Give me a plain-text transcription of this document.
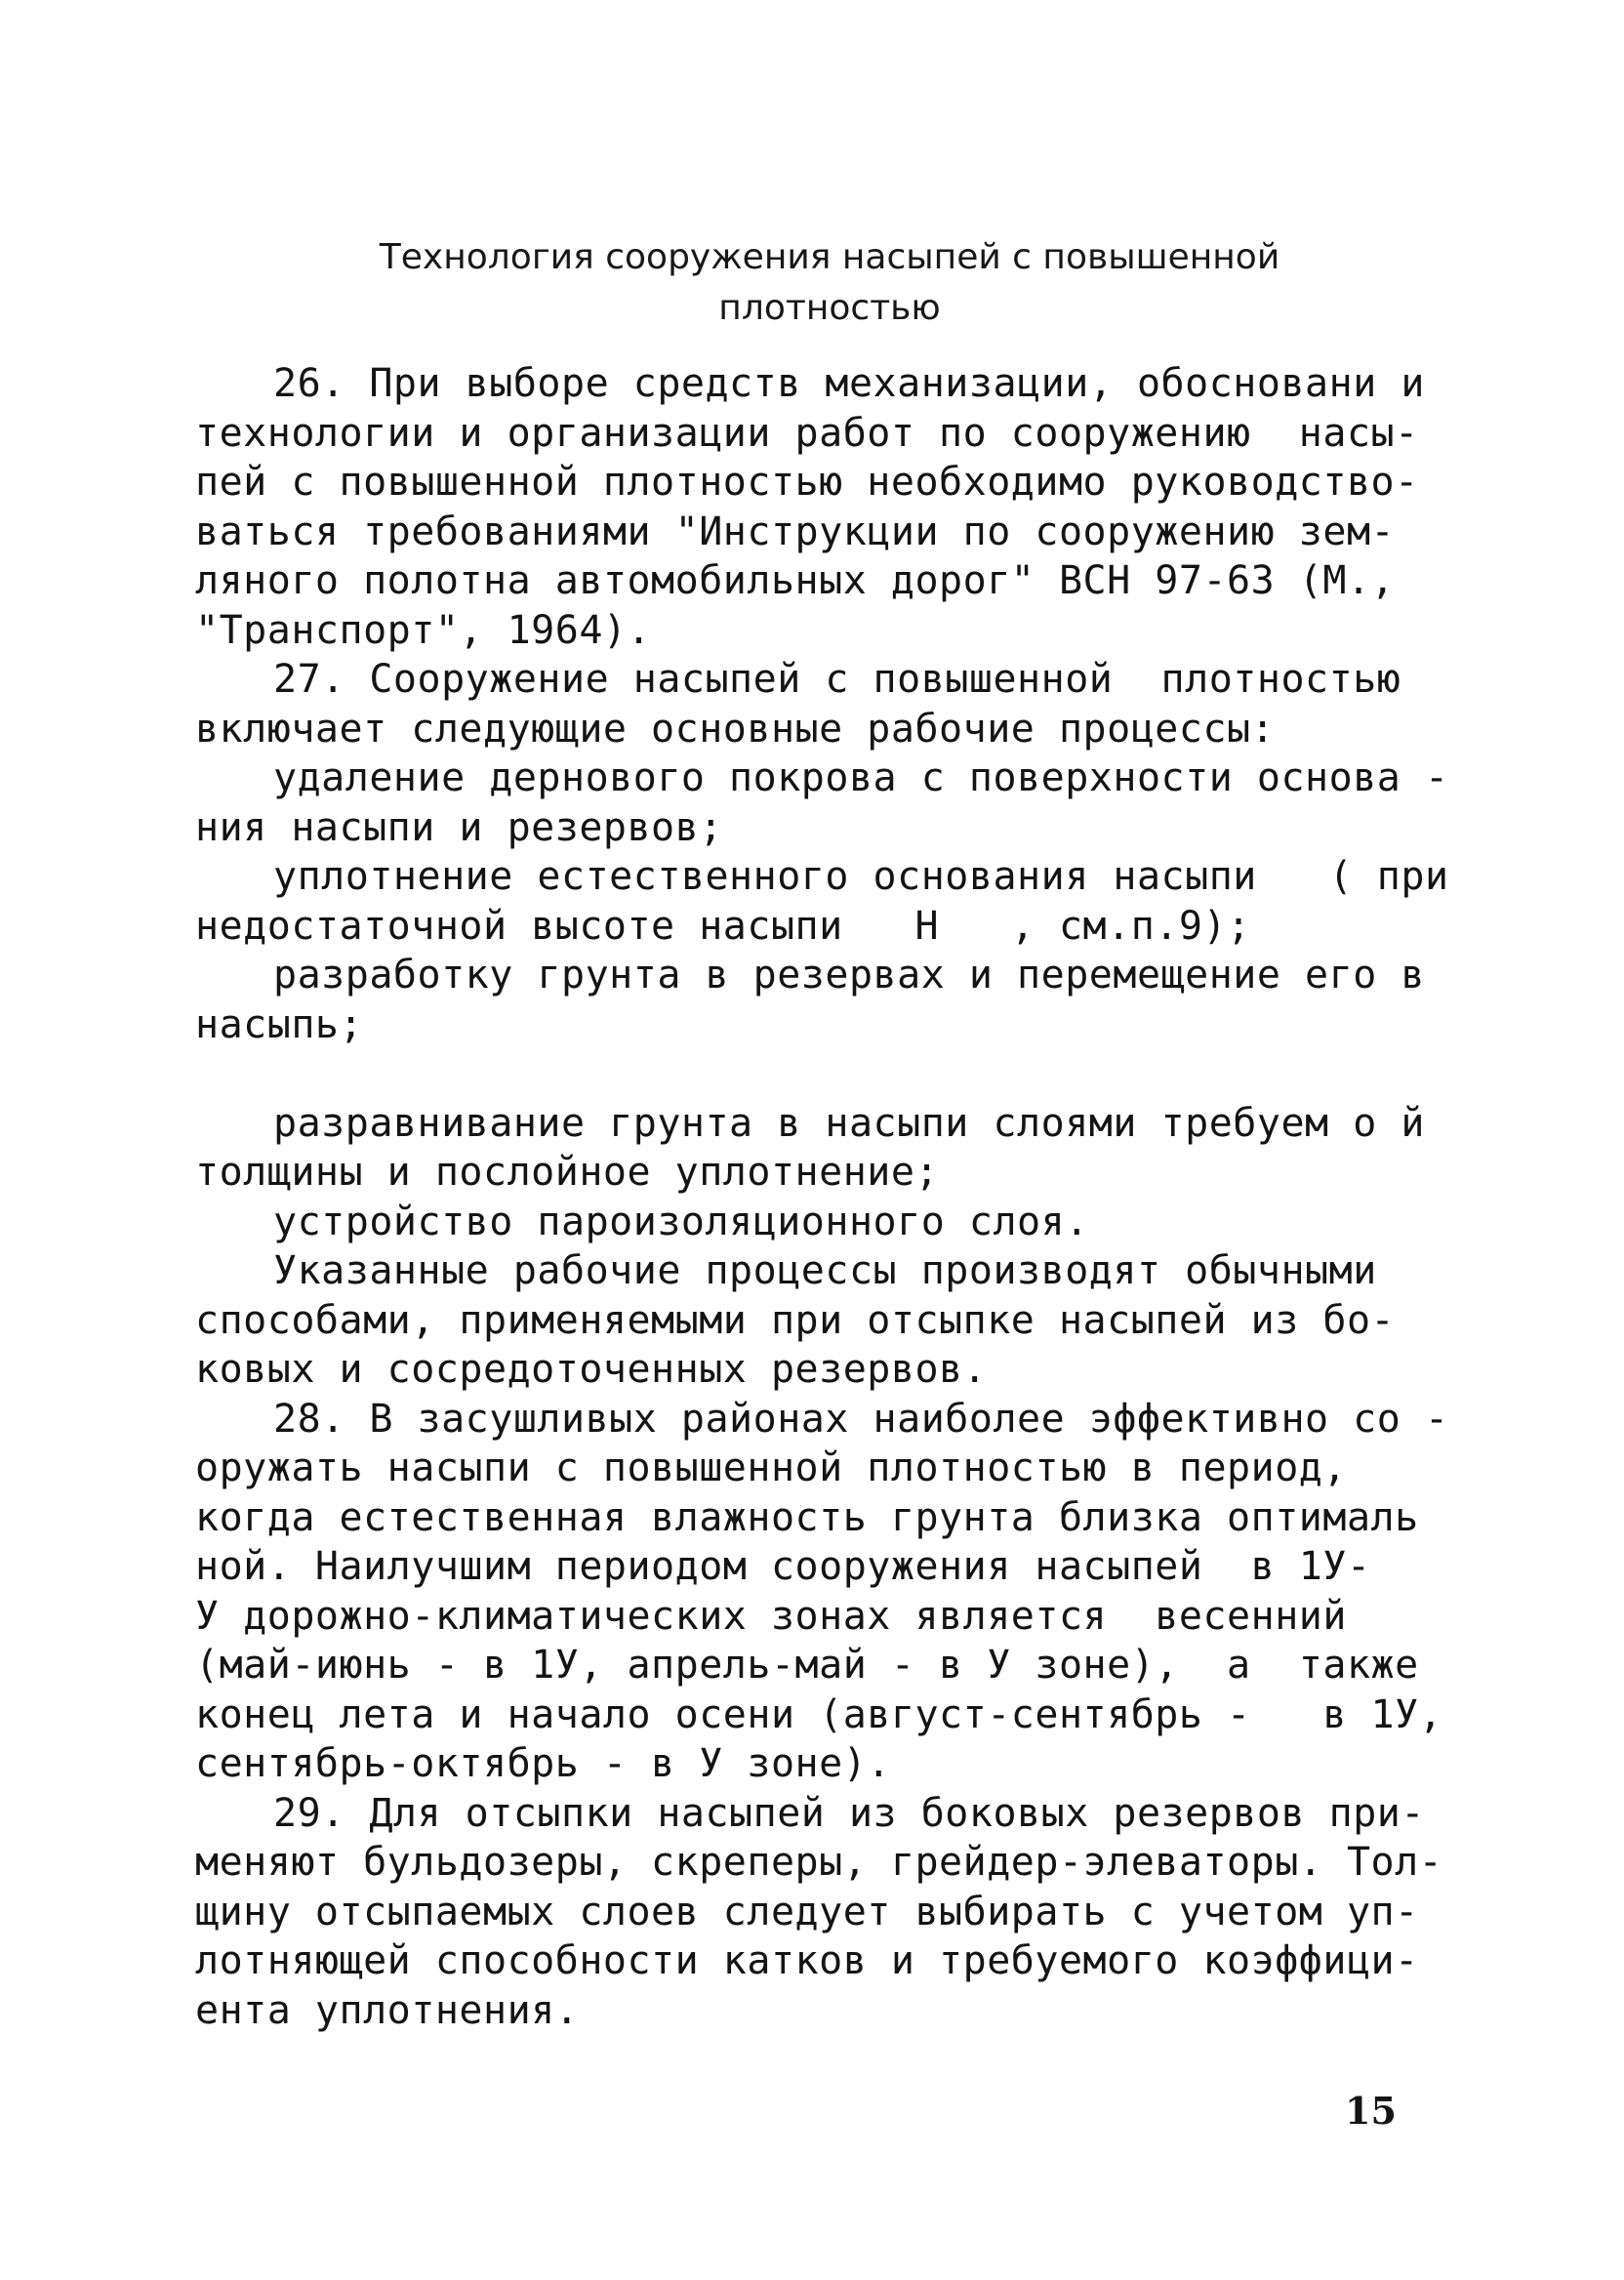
Технология сооружения насыпей с повышенной
плотностью
26. При выборе средств механизации, обосновани и
технологии и организации работ по сооружению  насы-
пей с повышенной плотностью необходимо руководство-
ваться требованиями "Инструкции по сооружению зем-
ляного полотна автомобильных дорог" ВСН 97-63 (М.,
"Транспорт", 1964).
27. Сооружение насыпей с повышенной  плотностью
включает следующие основные рабочие процессы:
удаление дернового покрова с поверхности основа -
ния насыпи и резервов;
уплотнение естественного основания насыпи   ( при
недостаточной высоте насыпи   H   , см.п.9);
разработку грунта в резервах и перемещение его в
насыпь;
разравнивание грунта в насыпи слоями требуем о й
толщины и послойное уплотнение;
устройство пароизоляционного слоя.
Указанные рабочие процессы производят обычными
способами, применяемыми при отсыпке насыпей из бо-
ковых и сосредоточенных резервов.
28. В засушливых районах наиболее эффективно со -
оружать насыпи с повышенной плотностью в период,
когда естественная влажность грунта близка оптималь
ной. Наилучшим периодом сооружения насыпей  в 1У-
У дорожно-климатических зонах является  весенний
(май-июнь - в 1У, апрель-май - в У зоне),  а  также
конец лета и начало осени (август-сентябрь -   в 1У,
сентябрь-октябрь - в У зоне).
29. Для отсыпки насыпей из боковых резервов при-
меняют бульдозеры, скреперы, грейдер-элеваторы. Тол-
щину отсыпаемых слоев следует выбирать с учетом уп-
лотняющей способности катков и требуемого коэффици-
ента уплотнения.
15
